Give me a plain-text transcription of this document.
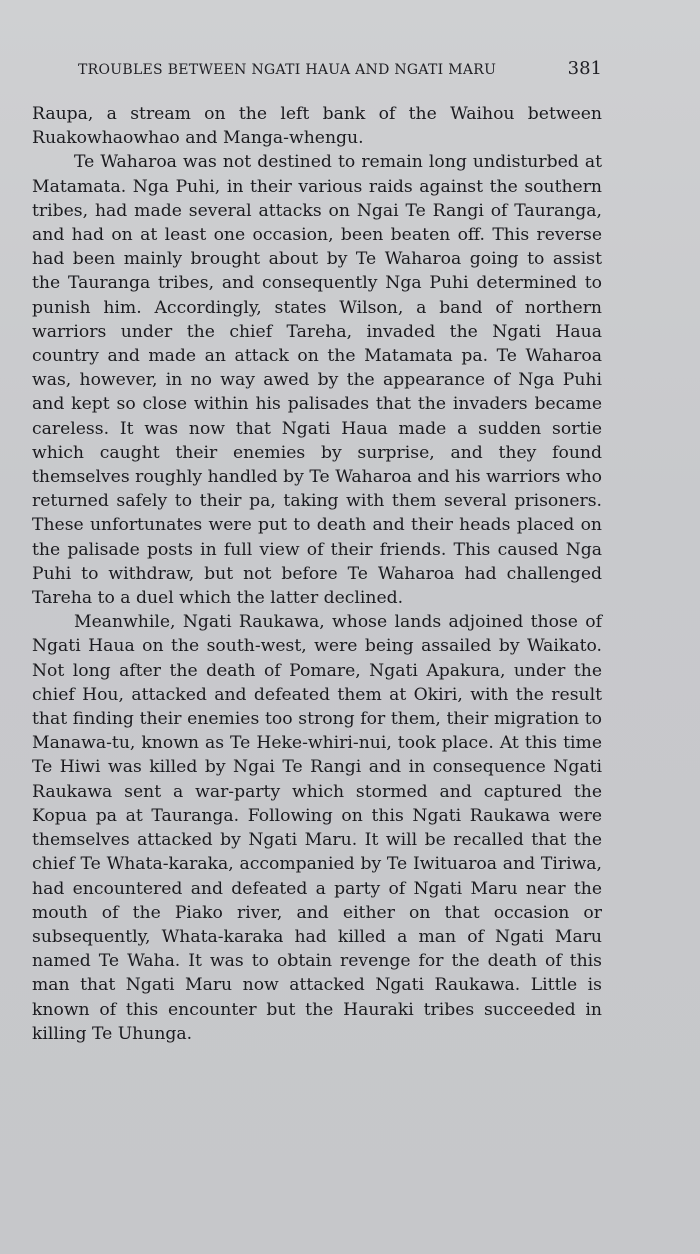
TROUBLES BETWEEN NGATI HAUA AND NGATI MARU	381

Raupa, a stream on the left bank of the Waihou between Ruakowhaowhao and Manga-whengu.

Te Waharoa was not destined to remain long undisturbed at Matamata. Nga Puhi, in their various raids against the southern tribes, had made several attacks on Ngai Te Rangi of Tauranga, and had on at least one occasion, been beaten off. This reverse had been mainly brought about by Te Waharoa going to assist the Tauranga tribes, and consequently Nga Puhi determined to punish him. Accordingly, states Wilson, a band of northern warriors under the chief Tareha, invaded the Ngati Haua country and made an attack on the Matamata pa. Te Waharoa was, however, in no way awed by the appearance of Nga Puhi and kept so close within his palisades that the invaders became careless. It was now that Ngati Haua made a sudden sortie which caught their enemies by surprise, and they found themselves roughly handled by Te Waharoa and his warriors who returned safely to their pa, taking with them several prisoners. These unfortunates were put to death and their heads placed on the palisade posts in full view of their friends. This caused Nga Puhi to withdraw, but not before Te Waharoa had challenged Tareha to a duel which the latter declined.

Meanwhile, Ngati Raukawa, whose lands adjoined those of Ngati Haua on the south-west, were being assailed by Waikato. Not long after the death of Pomare, Ngati Apakura, under the chief Hou, attacked and defeated them at Okiri, with the result that finding their enemies too strong for them, their migration to Manawa-tu, known as Te Heke-whiri-nui, took place. At this time Te Hiwi was killed by Ngai Te Rangi and in consequence Ngati Raukawa sent a war-party which stormed and captured the Kopua pa at Tauranga. Following on this Ngati Raukawa were themselves attacked by Ngati Maru. It will be recalled that the chief Te Whata-karaka, accompanied by Te Iwituaroa and Tiriwa, had encountered and defeated a party of Ngati Maru near the mouth of the Piako river, and either on that occasion or subsequently, Whata-karaka had killed a man of Ngati Maru named Te Waha. It was to obtain revenge for the death of this man that Ngati Maru now attacked Ngati Raukawa. Little is known of this encounter but the Hauraki tribes succeeded in killing Te Uhunga.
